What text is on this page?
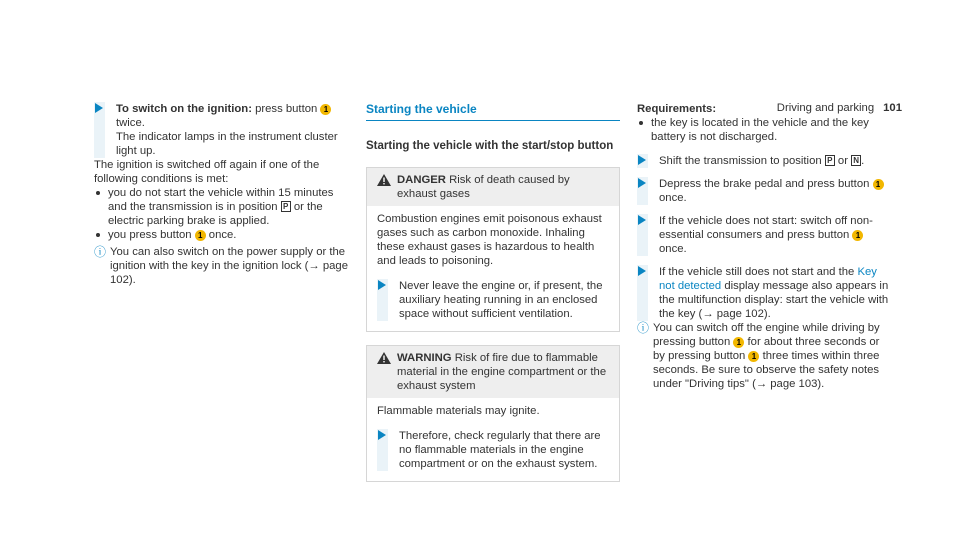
Driving and parking 101

To switch on the ignition: press button 1 twice.

The indicator lamps in the instrument cluster light up.

The ignition is switched off again if one of the following conditions is met:

you do not start the vehicle within 15 minutes and the transmission is in position P or the electric parking brake is applied.
you press button 1 once.
ⓘ You can also switch on the power supply or the ignition with the key in the ignition lock (→ page 102).
Starting the vehicle
Starting the vehicle with the start/stop button
DANGER Risk of death caused by exhaust gases

Combustion engines emit poisonous exhaust gases such as carbon monoxide. Inhaling these exhaust gases is hazardous to health and leads to poisoning.

Never leave the engine or, if present, the auxiliary heating running in an enclosed space without sufficient ventilation.

WARNING Risk of fire due to flammable material in the engine compartment or the exhaust system

Flammable materials may ignite.

Therefore, check regularly that there are no flammable materials in the engine compartment or on the exhaust system.

Requirements:

the key is located in the vehicle and the key battery is not discharged.

Shift the transmission to position P or N .

Depress the brake pedal and press button 1 once.

If the vehicle does not start: switch off non-essential consumers and press button 1 once.

If the vehicle still does not start and the Key not detected display message also appears in the multifunction display: start the vehicle with the key (→ page 102).

ⓘ You can switch off the engine while driving by pressing button 1 for about three seconds or by pressing button 1 three times within three seconds. Be sure to observe the safety notes under "Driving tips" (→ page 103).
